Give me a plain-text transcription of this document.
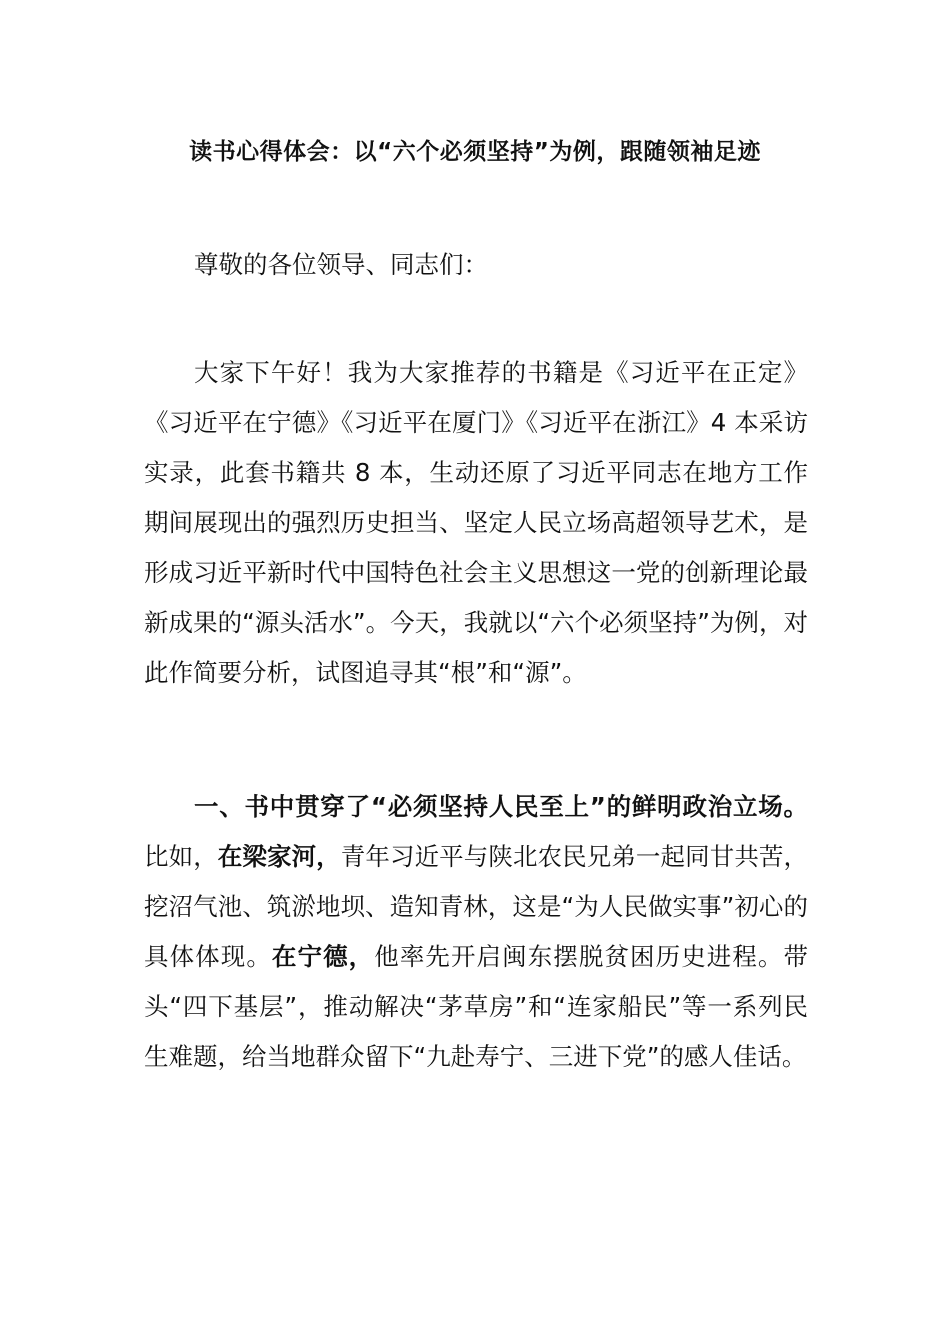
读书心得体会：以“六个必须坚持”为例，跟随领袖足迹
尊敬的各位领导、同志们：
大家下午好！我为大家推荐的书籍是《习近平在正定》《习近平在宁德》《习近平在厦门》《习近平在浙江》4 本采访实录，此套书籍共 8 本，生动还原了习近平同志在地方工作期间展现出的强烈历史担当、坚定人民立场高超领导艺术，是形成习近平新时代中国特色社会主义思想这一党的创新理论最新成果的“源头活水”。今天，我就以“六个必须坚持”为例，对此作简要分析，试图追寻其“根”和“源”。
一、书中贯穿了“必须坚持人民至上”的鲜明政治立场。比如，在梁家河，青年习近平与陕北农民兄弟一起同甘共苦，挖沼气池、筑淤地坝、造知青林，这是“为人民做实事”初心的具体体现。在宁德，他率先开启闽东摆脱贫困历史进程。带头“四下基层”，推动解决“茅草房”和“连家船民”等一系列民生难题，给当地群众留下“九赴寿宁、三进下党”的感人佳话。
